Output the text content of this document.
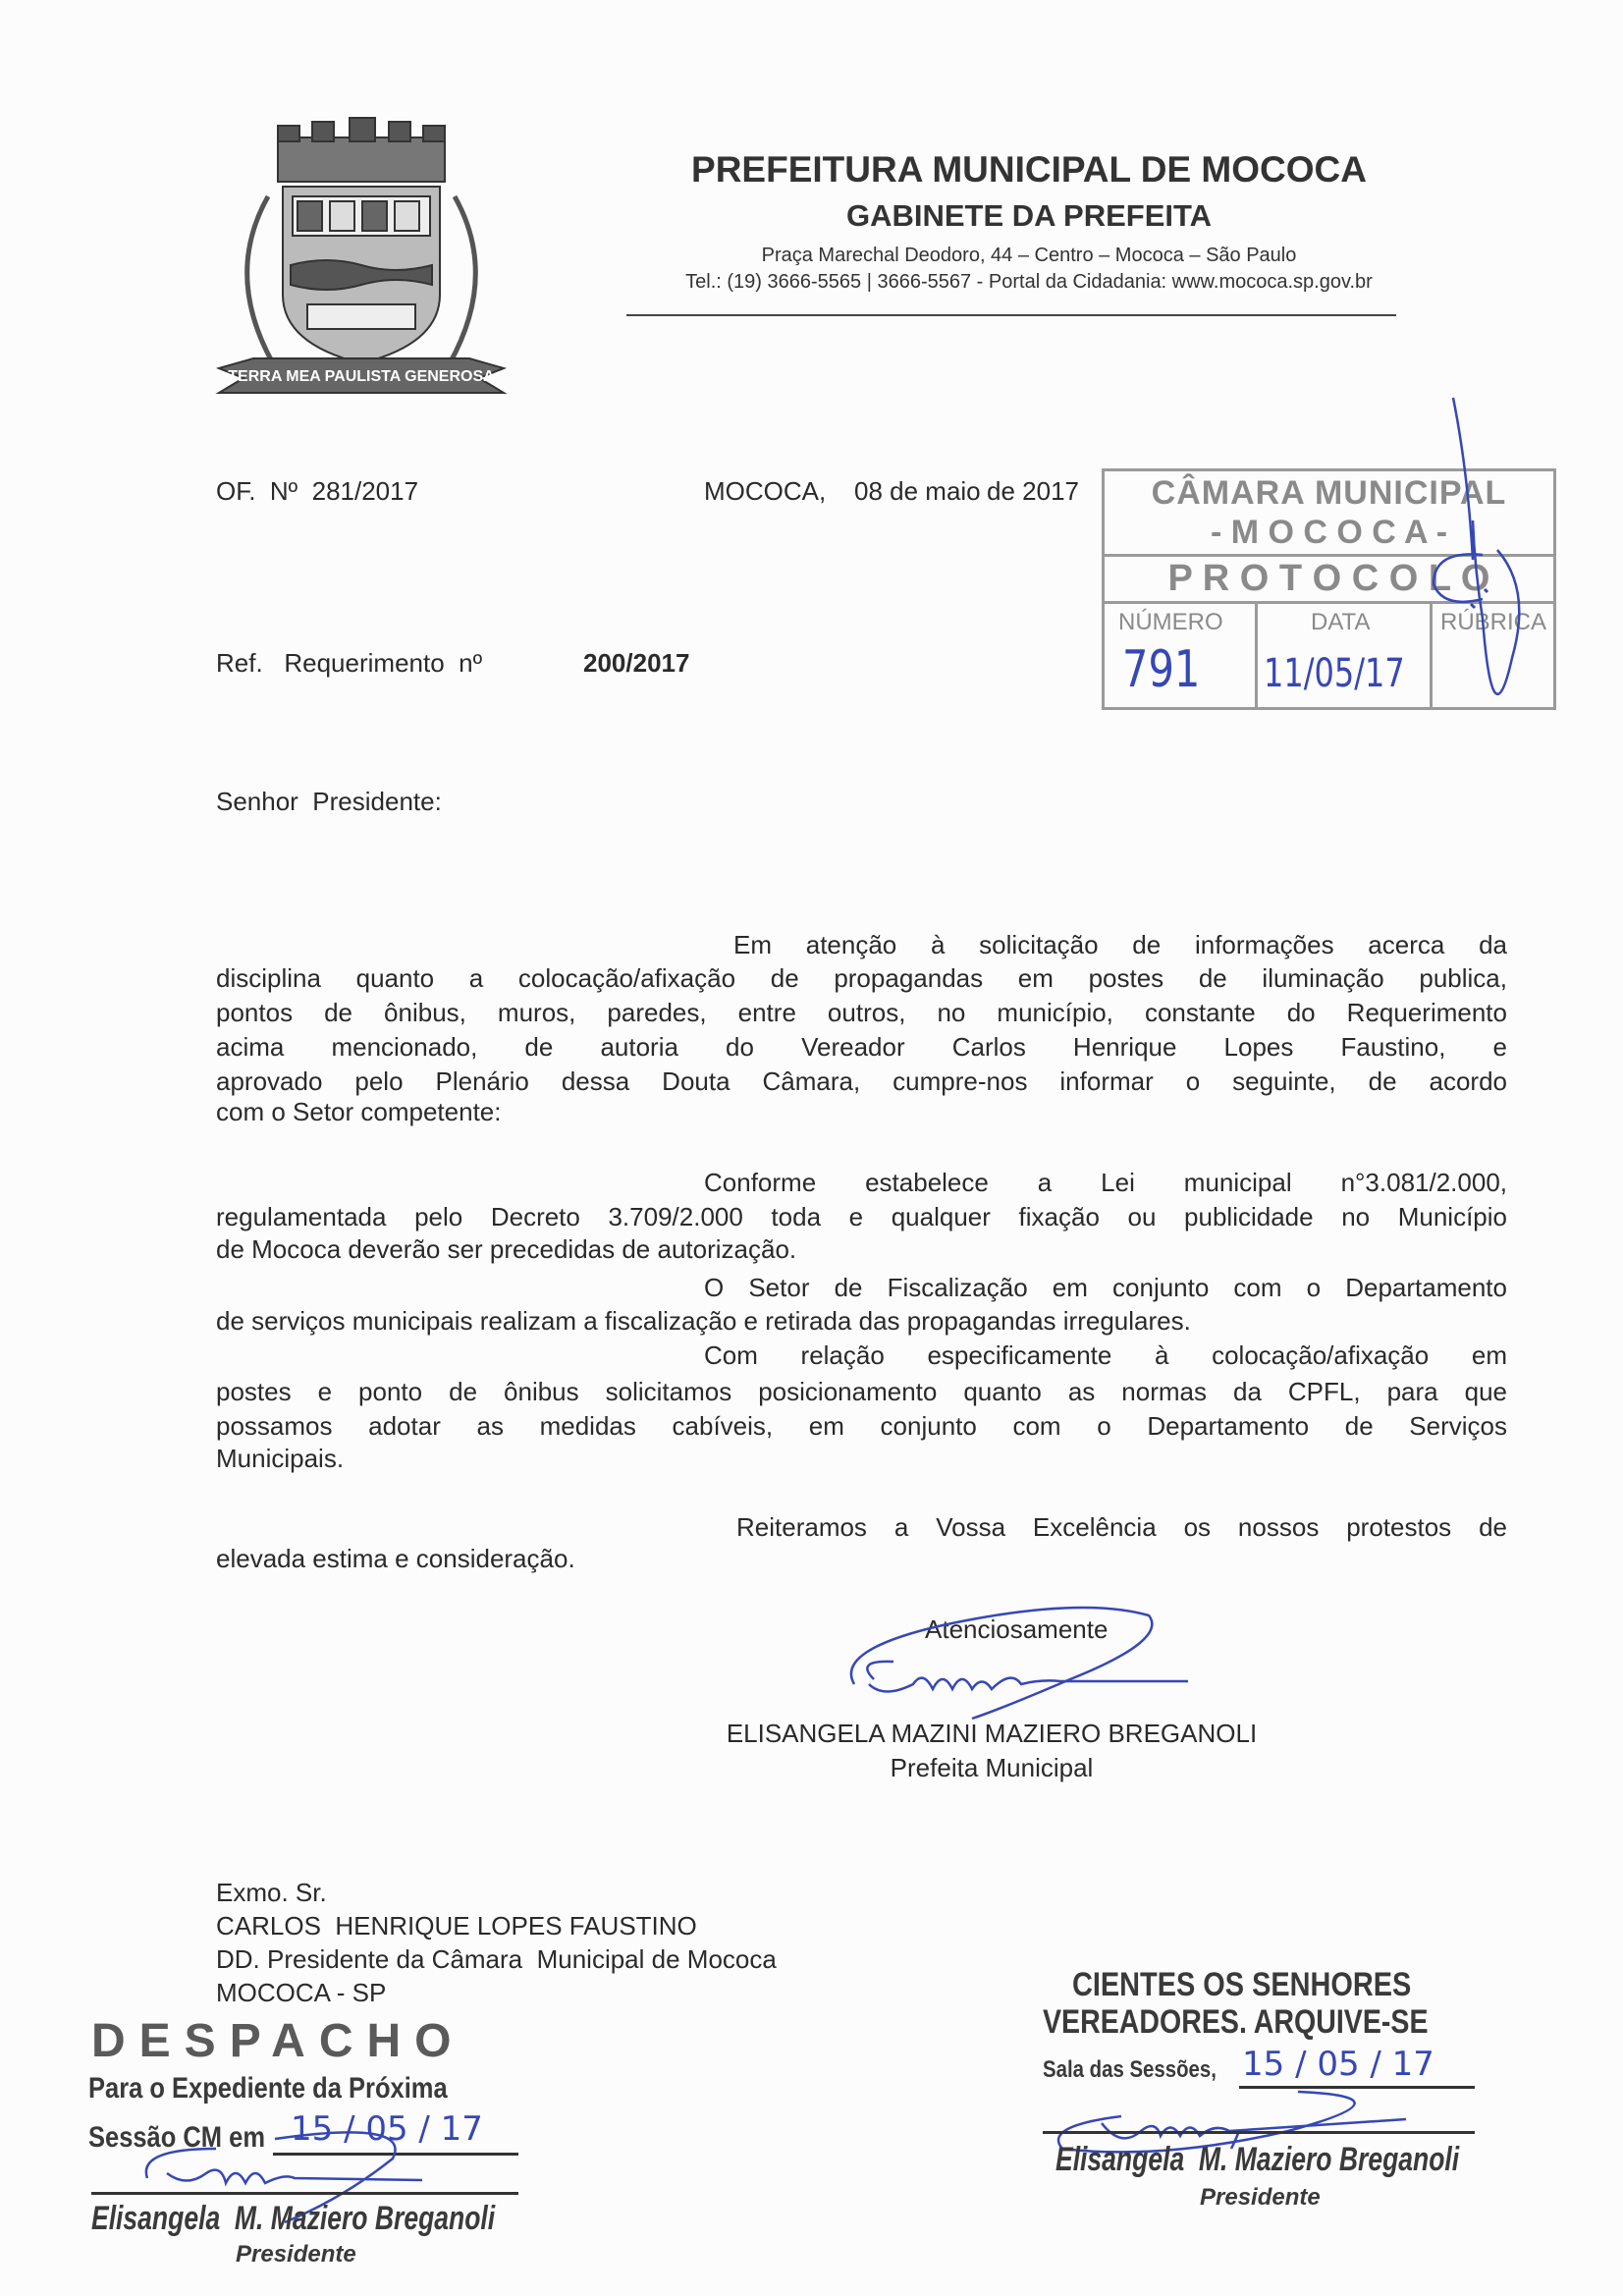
TERRA MEA PAULISTA GENEROSA
PREFEITURA MUNICIPAL DE MOCOCA
GABINETE DA PREFEITA
Praça Marechal Deodoro, 44 – Centro – Mococa – São Paulo
Tel.: (19) 3666-5565 | 3666-5567 - Portal da Cidadania: www.mococa.sp.gov.br
OF.  Nº  281/2017	MOCOCA, 08 de maio de 2017	CÂMARA MUNICIPAL
- M O C O C A -
P R O T O C O L O
NÚMERO	DATA	RÚBRICA
791 11/05/17
Ref.   Requerimento  nº	200/2017
Senhor  Presidente:
Em atenção à solicitação de informações acerca da
disciplina quanto a colocação/afixação de propagandas em postes de iluminação publica,
pontos de ônibus, muros, paredes, entre outros, no município, constante do Requerimento
acima mencionado, de autoria do Vereador Carlos Henrique Lopes Faustino, e
aprovado pelo Plenário dessa Douta Câmara, cumpre-nos informar o seguinte, de acordo
com o Setor competente:
Conforme estabelece a Lei municipal n°3.081/2.000,
regulamentada pelo Decreto 3.709/2.000 toda e qualquer fixação ou publicidade no Município
de Mococa deverão ser precedidas de autorização.
O Setor de Fiscalização em conjunto com o Departamento
de serviços municipais realizam a fiscalização e retirada das propagandas irregulares.
Com relação especificamente à colocação/afixação em
postes e ponto de ônibus solicitamos posicionamento quanto as normas da CPFL, para que
possamos adotar as medidas cabíveis, em conjunto com o Departamento de Serviços
Municipais.
Reiteramos a Vossa Excelência os nossos protestos de
elevada estima e consideração.
Atenciosamente
ELISANGELA MAZINI MAZIERO BREGANOLI
Prefeita Municipal
Exmo. Sr.
CARLOS  HENRIQUE LOPES FAUSTINO
DD. Presidente da Câmara  Municipal de Mococa
MOCOCA - SP
DESPACHO
Para o Expediente da Próxima
Sessão CM em 15 / 05 / 17
Elisangela  M. Maziero Breganoli
Presidente
CIENTES OS SENHORES
VEREADORES. ARQUIVE-SE
Sala das Sessões, 15 / 05 / 17
Elisangela  M. Maziero Breganoli
Presidente
